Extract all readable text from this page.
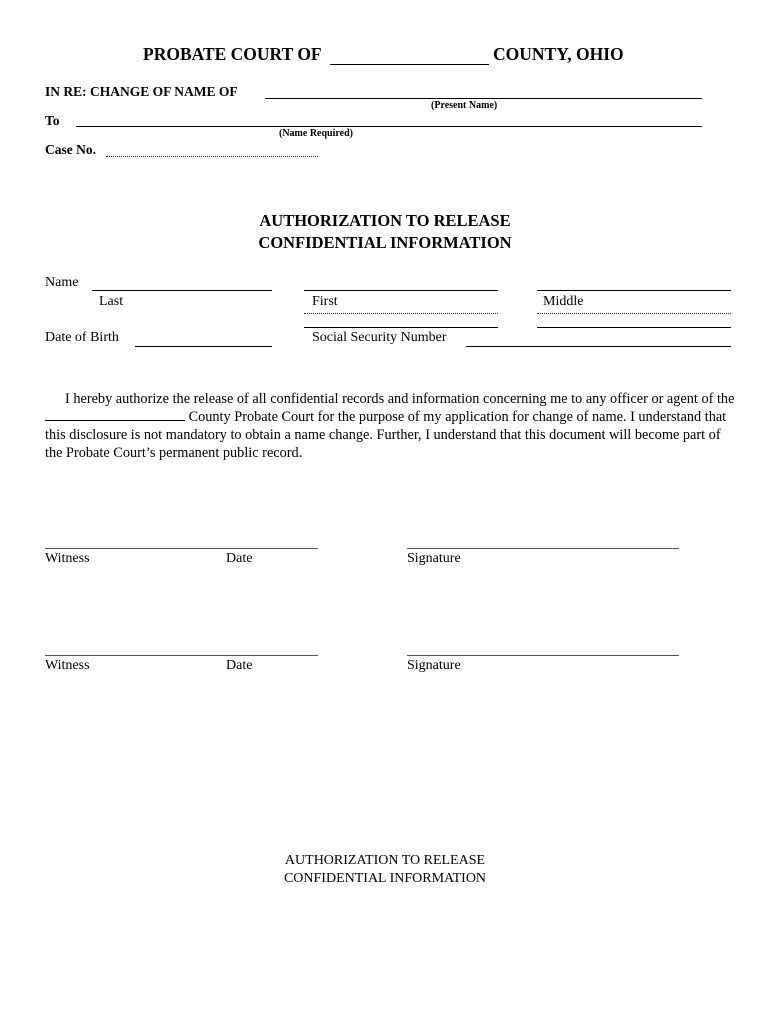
PROBATE COURT OF	COUNTY, OHIO
IN RE: CHANGE OF NAME OF
(Present Name)
To
(Name Required)
Case No.
AUTHORIZATION TO RELEASE
CONFIDENTIAL INFORMATION
Name
Last	First	Middle
Date of Birth	Social Security Number
I hereby authorize the release of all confidential records and information concerning me to any officer or agent of the  County Probate Court for the purpose of my application for change of name. I understand that this disclosure is not mandatory to obtain a name change. Further, I understand that this document will become part of the Probate Court’s permanent public record.
Witness	Date	Signature
Witness	Date	Signature
AUTHORIZATION TO RELEASE
CONFIDENTIAL INFORMATION
